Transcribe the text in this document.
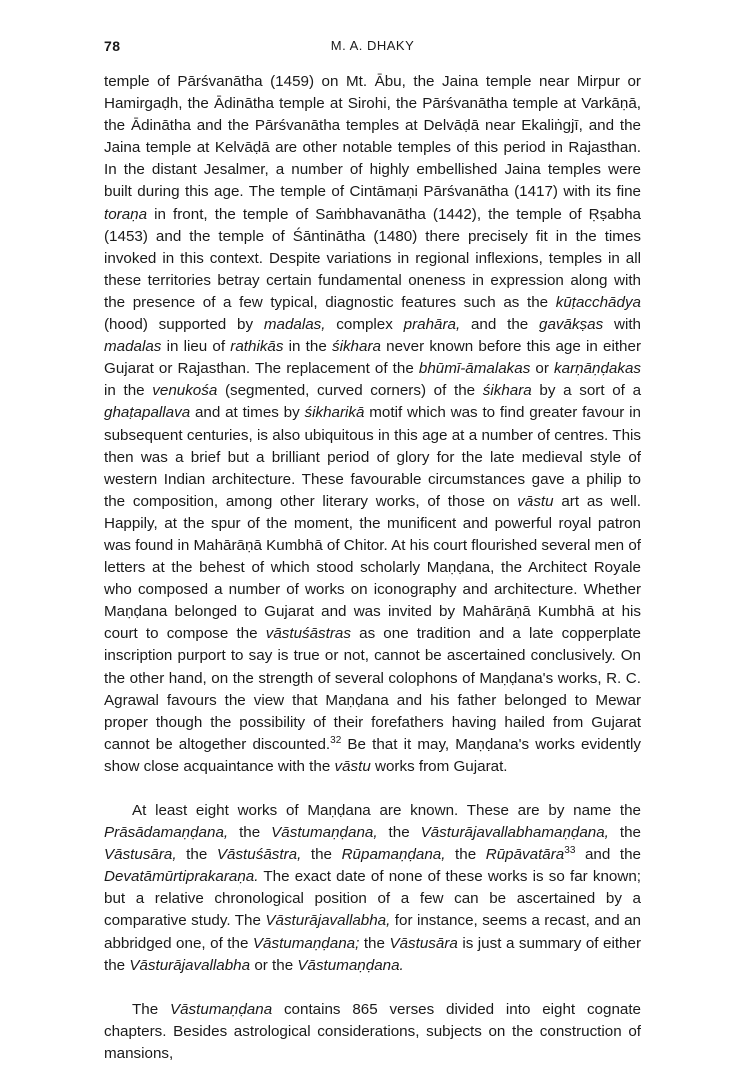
78	M. A. DHAKY

temple of Pārśvanātha (1459) on Mt. Ābu, the Jaina temple near Mirpur or Hamirgaḍh, the Ādinātha temple at Sirohi, the Pārśvanātha temple at Varkāṇā, the Ādinātha and the Pārśvanātha temples at Delvāḍā near Ekaliṅgjī, and the Jaina temple at Kelvāḍā are other notable temples of this period in Rajasthan. In the distant Jesalmer, a number of highly embellished Jaina temples were built during this age. The temple of Cintāmaṇi Pārśvanātha (1417) with its fine toraṇa in front, the temple of Saṁbhavanātha (1442), the temple of Ṛṣabha (1453) and the temple of Śāntinātha (1480) there precisely fit in the times invoked in this context. Despite variations in regional inflexions, temples in all these territories betray certain fundamental oneness in expression along with the presence of a few typical, diagnostic features such as the kūṭacchādya (hood) supported by madalas, complex prahāra, and the gavākṣas with madalas in lieu of rathikās in the śikhara never known before this age in either Gujarat or Rajasthan. The replacement of the bhūmī-āmalakas or karṇāṇḍakas in the venukośa (segmented, curved corners) of the śikhara by a sort of a ghaṭapallava and at times by śikharikā motif which was to find greater favour in subsequent centuries, is also ubiquitous in this age at a number of centres. This then was a brief but a brilliant period of glory for the late medieval style of western Indian architecture. These favourable circumstances gave a philip to the composition, among other literary works, of those on vāstu art as well. Happily, at the spur of the moment, the munificent and powerful royal patron was found in Mahārāṇā Kumbhā of Chitor. At his court flourished several men of letters at the behest of which stood scholarly Maṇḍana, the Architect Royale who composed a number of works on iconography and architecture. Whether Maṇḍana belonged to Gujarat and was invited by Mahārāṇā Kumbhā at his court to compose the vāstuśāstras as one tradition and a late copperplate inscription purport to say is true or not, cannot be ascertained conclusively. On the other hand, on the strength of several colophons of Maṇḍana's works, R. C. Agrawal favours the view that Maṇḍana and his father belonged to Mewar proper though the possibility of their forefathers having hailed from Gujarat cannot be altogether discounted.$^{32}$ Be that it may, Maṇḍana's works evidently show close acquaintance with the vāstu works from Gujarat.

At least eight works of Maṇḍana are known. These are by name the Prāsādamaṇḍana, the Vāstumaṇḍana, the Vāsturājavallabhamaṇḍana, the Vāstusāra, the Vāstuśāstra, the Rūpamaṇḍana, the Rūpāvatāra$^{33}$ and the Devatāmūrtiprakaraṇa. The exact date of none of these works is so far known; but a relative chronological position of a few can be ascertained by a comparative study. The Vāsturājavallabha, for instance, seems a recast, and an abbridged one, of the Vāstumaṇḍana; the Vāstusāra is just a summary of either the Vāsturājavallabha or the Vāstumaṇḍana.

The Vāstumaṇḍana contains 865 verses divided into eight cognate chapters. Besides astrological considerations, subjects on the construction of mansions,
